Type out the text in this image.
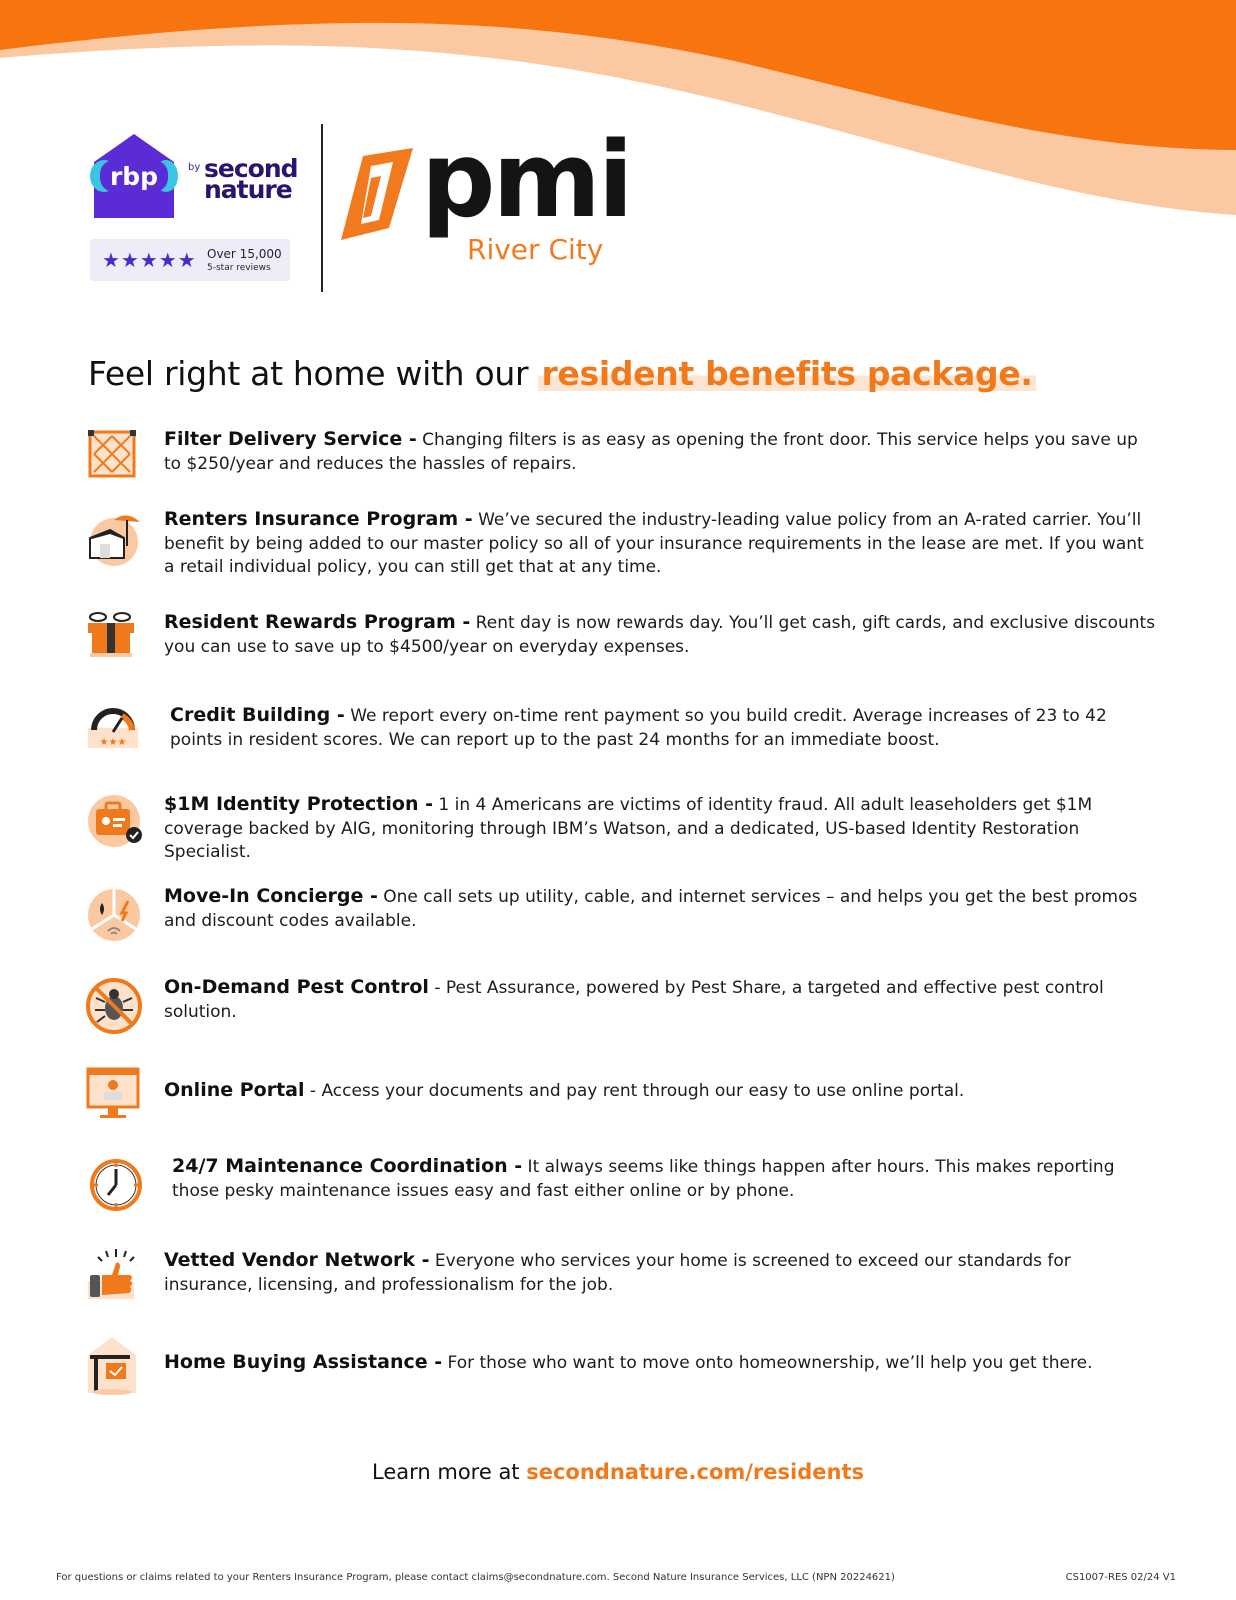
rbp	by second
nature
★★★★★ Over 15,000
5-star reviews
pmi
River City
Feel right at home with our resident benefits package.
Filter Delivery Service - Changing filters is as easy as opening the front door. This service helps you save up to $250/year and reduces the hassles of repairs.
Renters Insurance Program - We’ve secured the industry-leading value policy from an A-rated carrier. You’ll benefit by being added to our master policy so all of your insurance requirements in the lease are met. If you want a retail individual policy, you can still get that at any time.
Resident Rewards Program - Rent day is now rewards day. You’ll get cash, gift cards, and exclusive discounts you can use to save up to $4500/year on everyday expenses.
★★★
Credit Building - We report every on-time rent payment so you build credit. Average increases of 23 to 42 points in resident scores. We can report up to the past 24 months for an immediate boost.
$1M Identity Protection - 1 in 4 Americans are victims of identity fraud. All adult leaseholders get $1M coverage backed by AIG, monitoring through IBM’s Watson, and a dedicated, US-based Identity Restoration Specialist.
Move-In Concierge - One call sets up utility, cable, and internet services – and helps you get the best promos and discount codes available.
On-Demand Pest Control - Pest Assurance, powered by Pest Share, a targeted and effective pest control solution.
Online Portal - Access your documents and pay rent through our easy to use online portal.
24/7 Maintenance Coordination - It always seems like things happen after hours. This makes reporting those pesky maintenance issues easy and fast either online or by phone.
Vetted Vendor Network - Everyone who services your home is screened to exceed our standards for insurance, licensing, and professionalism for the job.
Home Buying Assistance - For those who want to move onto homeownership, we’ll help you get there.
Learn more at secondnature.com/residents
For questions or claims related to your Renters Insurance Program, please contact claims@secondnature.com. Second Nature Insurance Services, LLC (NPN 20224621)	CS1007-RES 02/24 V1
